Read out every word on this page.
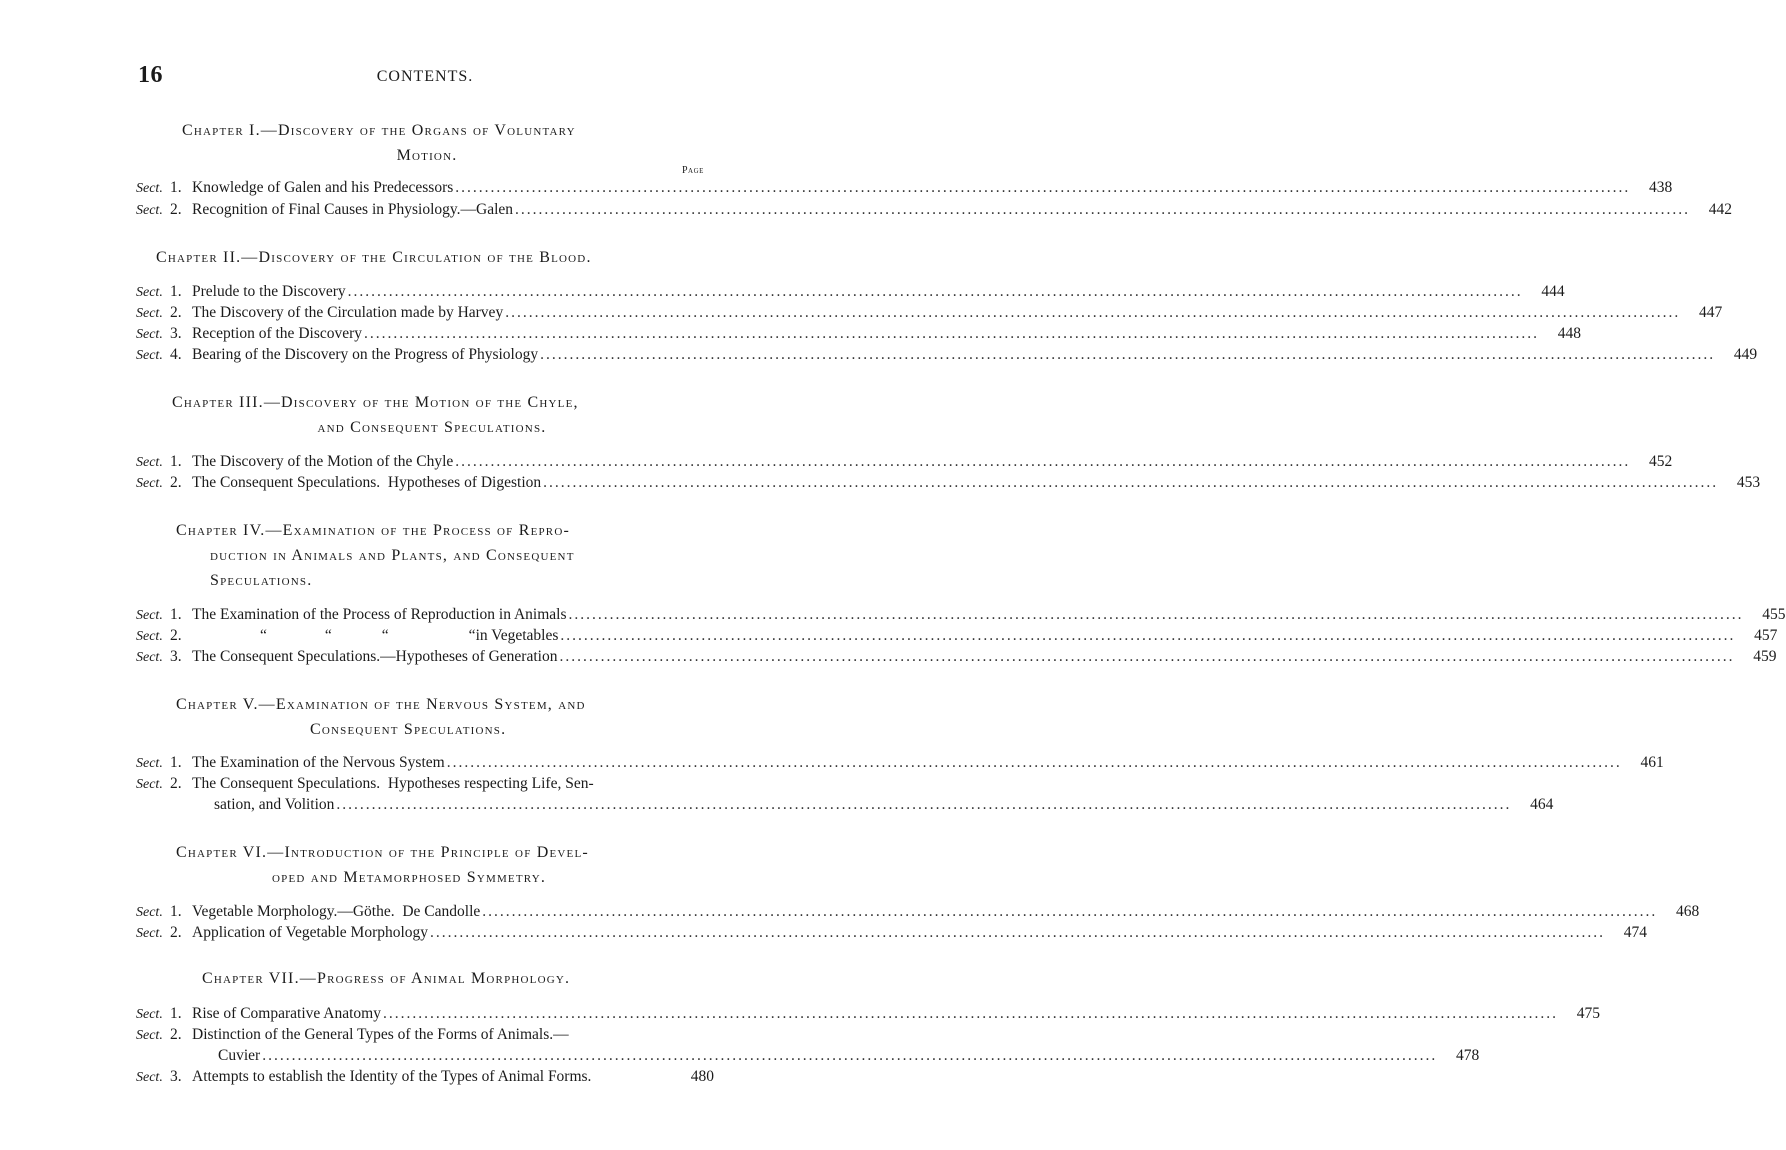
16	CONTENTS.
Chapter I.—Discovery of the Organs of Voluntary
Motion.
Page
Sect. 1. Knowledge of Galen and his Predecessors ........................................................................................................................................................................................................	438
Sect. 2. Recognition of Final Causes in Physiology.—Galen ........................................................................................................................................................................................................	442
Chapter II.—Discovery of the Circulation of the Blood.
Sect. 1. Prelude to the Discovery ........................................................................................................................................................................................................	444
Sect. 2. The Discovery of the Circulation made by Harvey ........................................................................................................................................................................................................	447
Sect. 3. Reception of the Discovery ........................................................................................................................................................................................................	448
Sect. 4. Bearing of the Discovery on the Progress of Physiology ........................................................................................................................................................................................................	449
Chapter III.—Discovery of the Motion of the Chyle,
and Consequent Speculations.
Sect. 1. The Discovery of the Motion of the Chyle ........................................................................................................................................................................................................	452
Sect. 2. The Consequent Speculations.  Hypotheses of Digestion ........................................................................................................................................................................................................	453
Chapter IV.—Examination of the Process of Repro-
duction in Animals and Plants, and Consequent
Speculations.
Sect. 1. The Examination of the Process of Reproduction in Animals ........................................................................................................................................................................................................	455
Sect. 2.	“	“	“	“ in Vegetables ........................................................................................................................................................................................................	457
Sect. 3. The Consequent Speculations.—Hypotheses of Generation ........................................................................................................................................................................................................	459
Chapter V.—Examination of the Nervous System, and
Consequent Speculations.
Sect. 1. The Examination of the Nervous System ........................................................................................................................................................................................................	461
Sect. 2. The Consequent Speculations.  Hypotheses respecting Life, Sen-
sation, and Volition ........................................................................................................................................................................................................	464
Chapter VI.—Introduction of the Principle of Devel-
oped and Metamorphosed Symmetry.
Sect. 1. Vegetable Morphology.—Göthe.  De Candolle ........................................................................................................................................................................................................	468
Sect. 2. Application of Vegetable Morphology ........................................................................................................................................................................................................	474
Chapter VII.—Progress of Animal Morphology.
Sect. 1. Rise of Comparative Anatomy ........................................................................................................................................................................................................	475
Sect. 2. Distinction of the General Types of the Forms of Animals.—
Cuvier ........................................................................................................................................................................................................	478
Sect. 3. Attempts to establish the Identity of the Types of Animal Forms.	480
